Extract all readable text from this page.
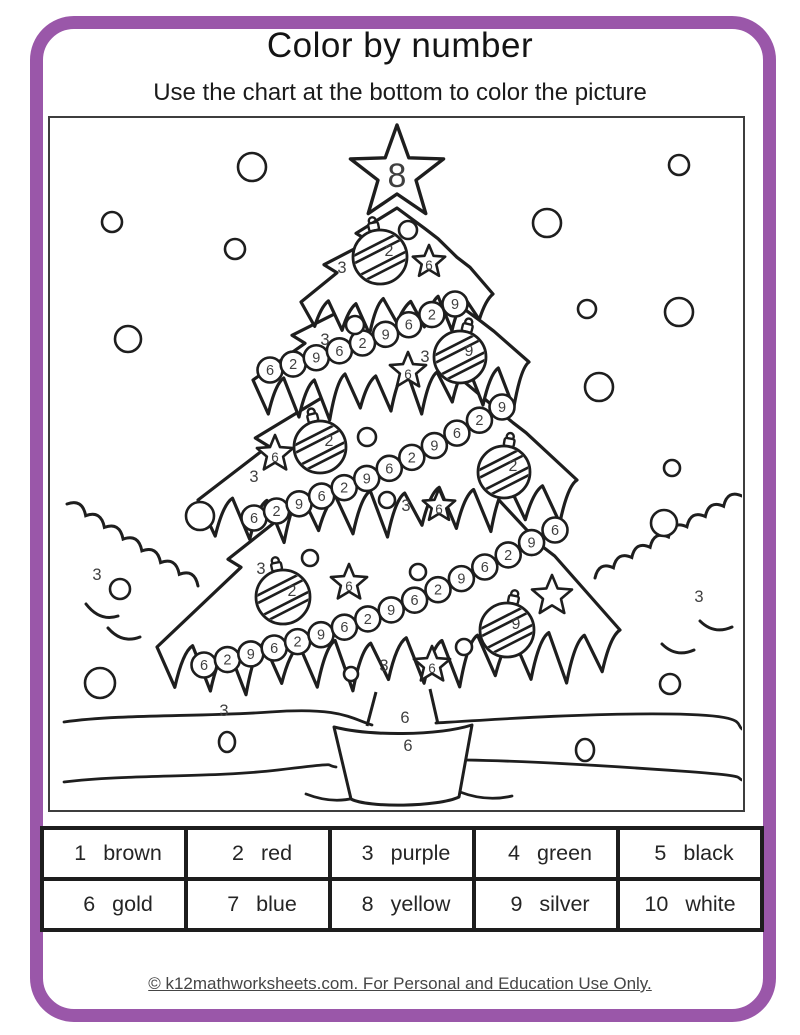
Color by number
Use the chart at the bottom to color the picture
8
6 2 9 6 2
9
6
2
9
6 2 9 6
2
9
6
2
9
6
2
9
6 2 9 6 2 9 6
2
9
6
2
9
6
2
9
6
2
9
2
2
2
9
6
6
6
6
6
6
3
3
3
3
3
3
3
3
3
3	6
6
1 brown	2 red	3 purple	4 green	5 black
6 gold	7 blue	8 yellow	9 silver	10 white
© k12mathworksheets.com. For Personal and Education Use Only.
